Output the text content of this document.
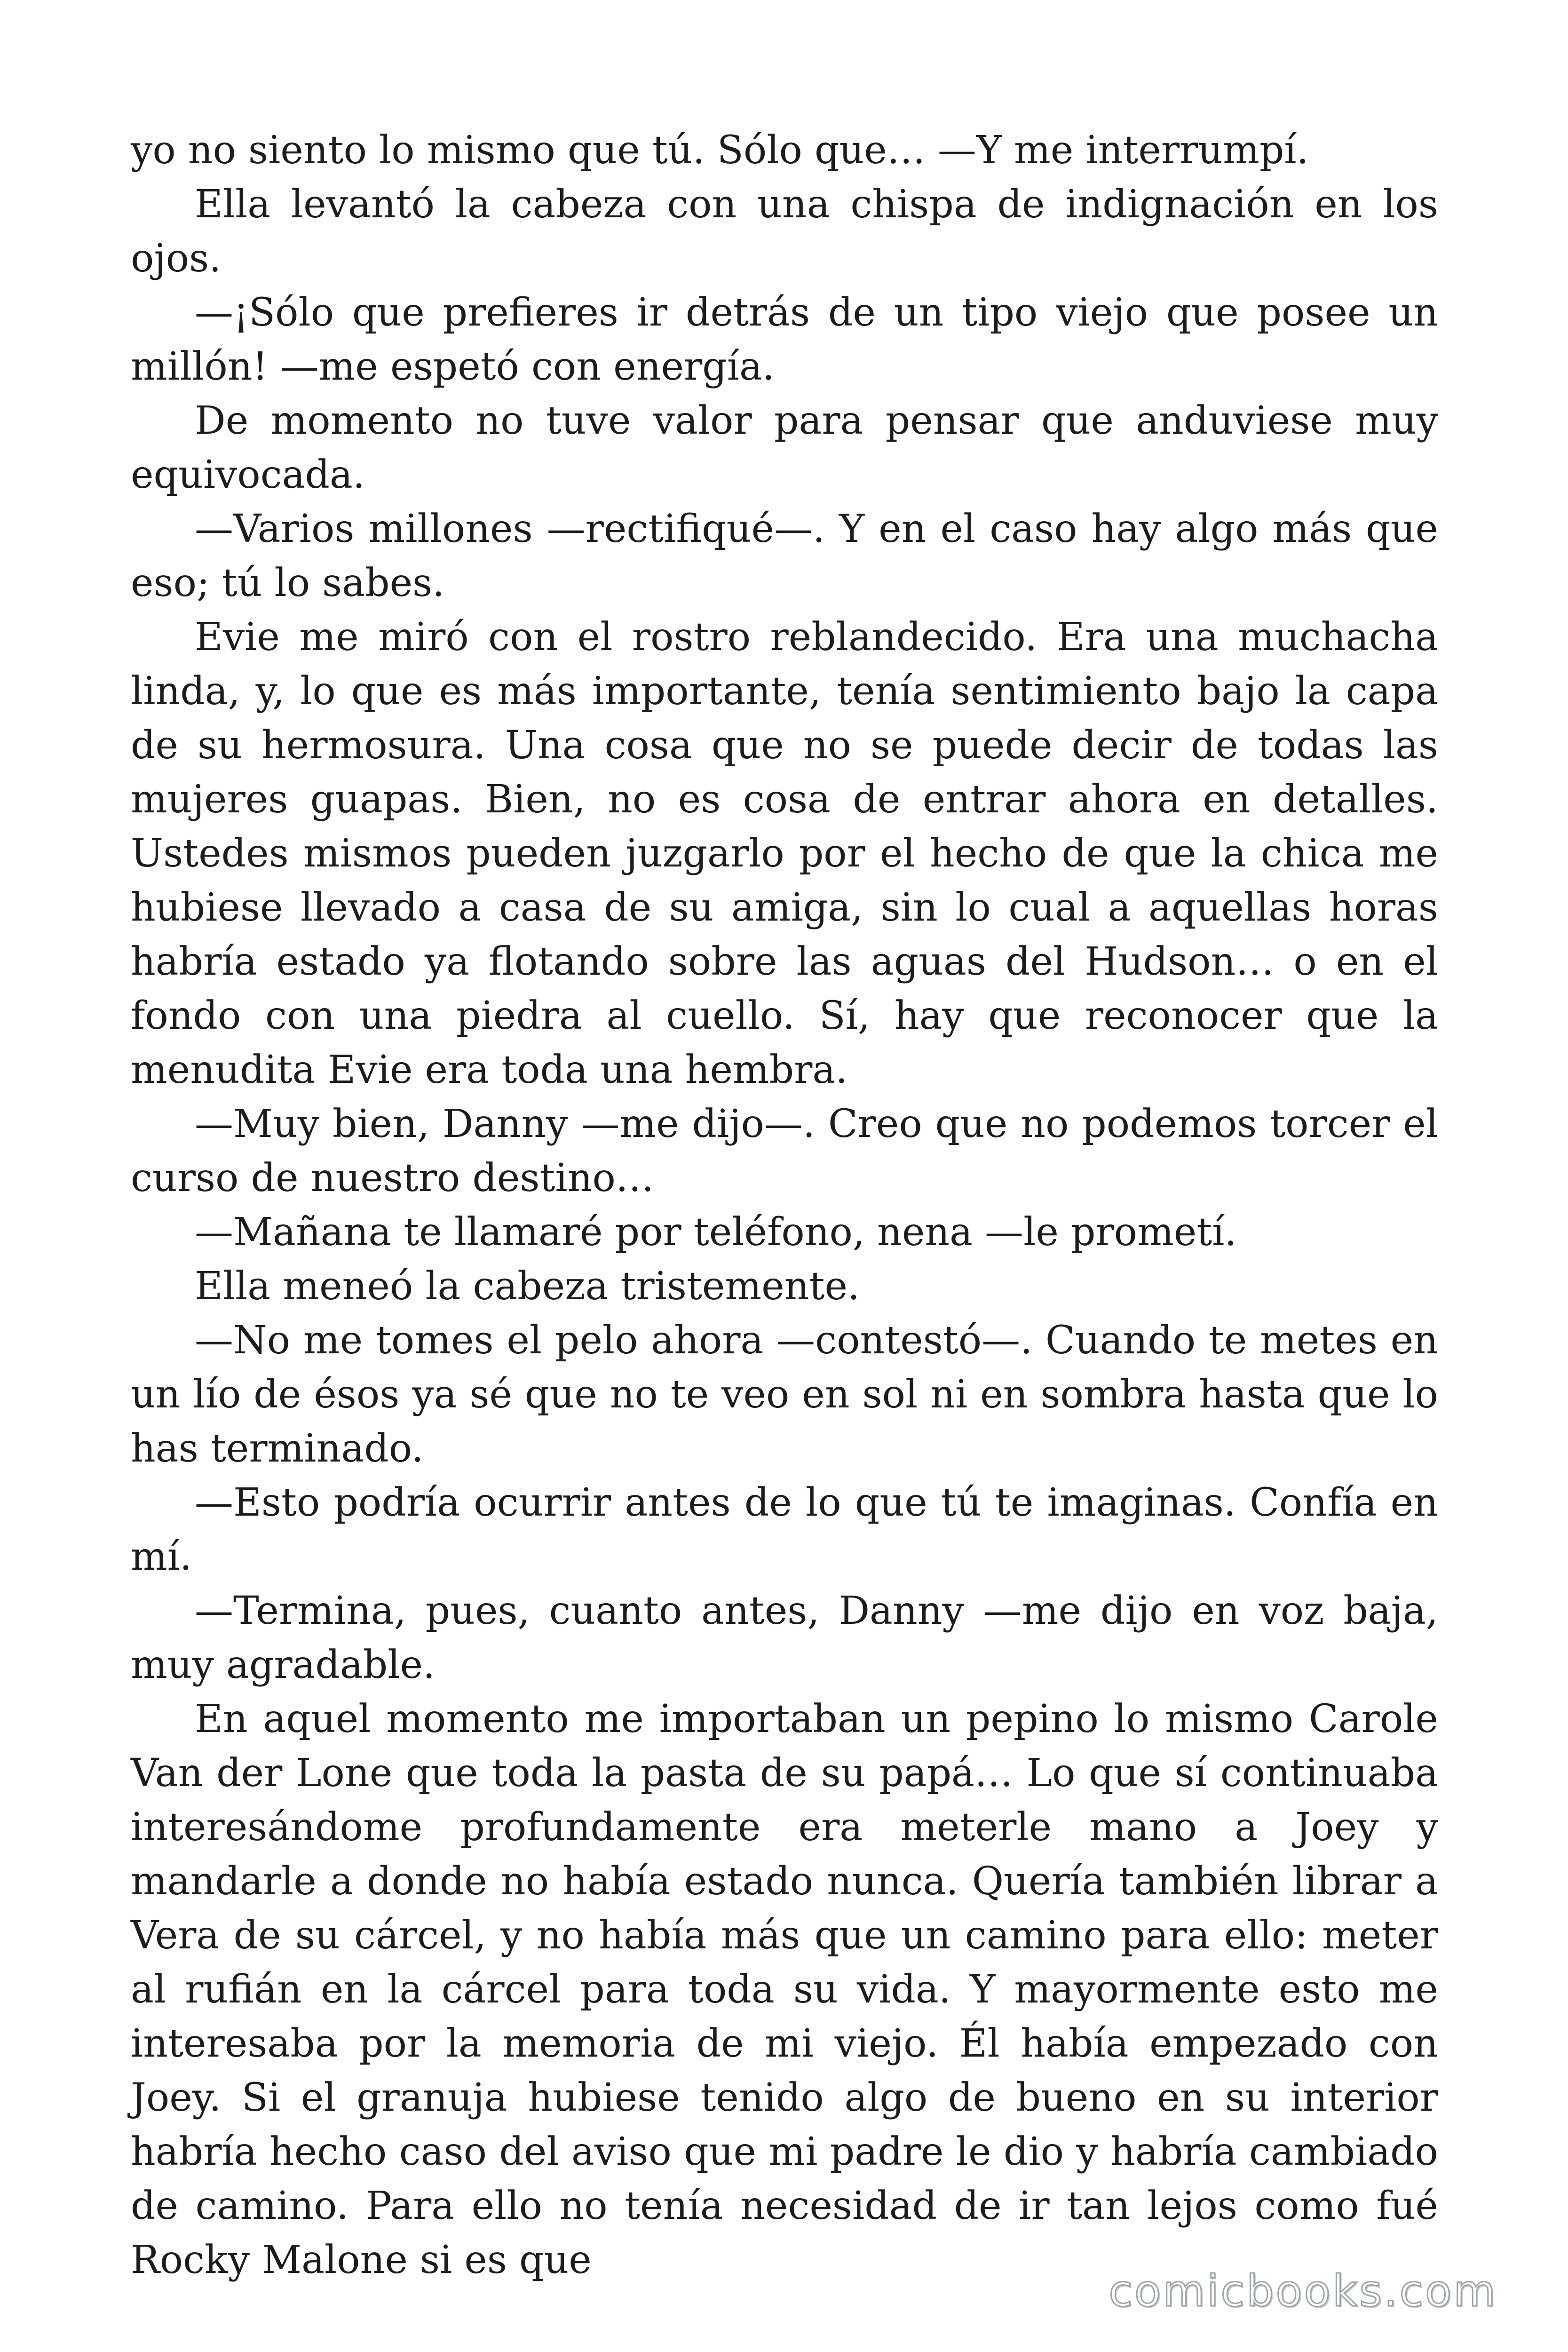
yo no siento lo mismo que tú. Sólo que… —Y me interrumpí.

Ella levantó la cabeza con una chispa de indignación en los ojos.

—¡Sólo que prefieres ir detrás de un tipo viejo que posee un millón! —me espetó con energía.

De momento no tuve valor para pensar que anduviese muy equivocada.

—Varios millones —rectifiqué—. Y en el caso hay algo más que eso; tú lo sabes.

Evie me miró con el rostro reblandecido. Era una muchacha linda, y, lo que es más importante, tenía sentimiento bajo la capa de su hermosura. Una cosa que no se puede decir de todas las mujeres guapas. Bien, no es cosa de entrar ahora en detalles. Ustedes mismos pueden juzgarlo por el hecho de que la chica me hubiese llevado a casa de su amiga, sin lo cual a aquellas horas habría estado ya flotando sobre las aguas del Hudson… o en el fondo con una piedra al cuello. Sí, hay que reconocer que la menudita Evie era toda una hembra.

—Muy bien, Danny —me dijo—. Creo que no podemos torcer el curso de nuestro destino…

—Mañana te llamaré por teléfono, nena —le prometí.

Ella meneó la cabeza tristemente.

—No me tomes el pelo ahora —contestó—. Cuando te metes en un lío de ésos ya sé que no te veo en sol ni en sombra hasta que lo has terminado.

—Esto podría ocurrir antes de lo que tú te imaginas. Confía en mí.

—Termina, pues, cuanto antes, Danny —me dijo en voz baja, muy agradable.

En aquel momento me importaban un pepino lo mismo Carole Van der Lone que toda la pasta de su papá… Lo que sí continuaba interesándome profundamente era meterle mano a Joey y mandarle a donde no había estado nunca. Quería también librar a Vera de su cárcel, y no había más que un camino para ello: meter al rufián en la cárcel para toda su vida. Y mayormente esto me interesaba por la memoria de mi viejo. Él había empezado con Joey. Si el granuja hubiese tenido algo de bueno en su interior habría hecho caso del aviso que mi padre le dio y habría cambiado de camino. Para ello no tenía necesidad de ir tan lejos como fué Rocky Malone si es que

comicbooks.com
